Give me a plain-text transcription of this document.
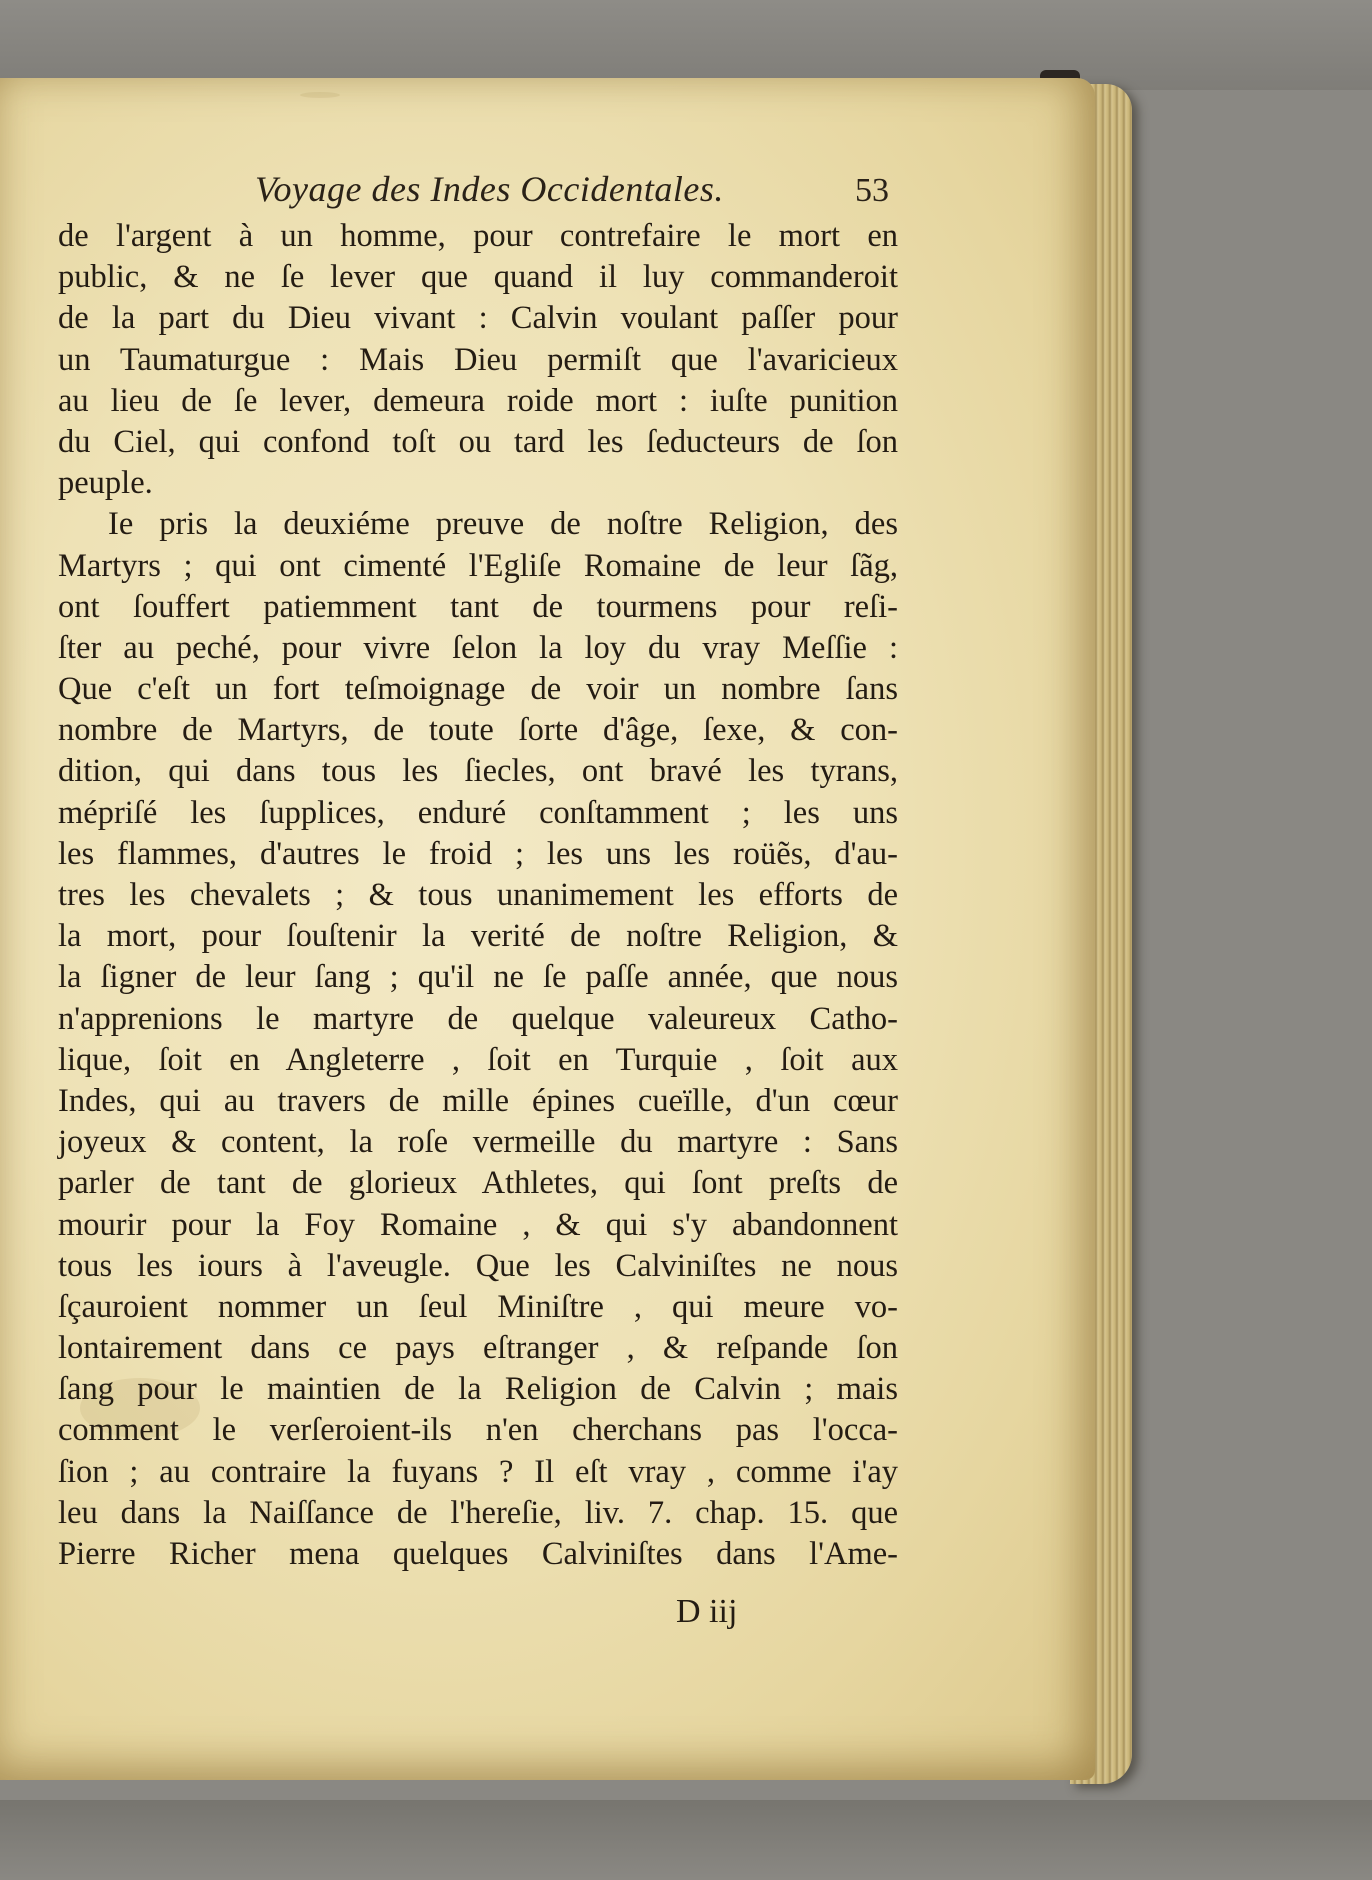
Voyage des Indes Occidentales.	53
de l'argent à un homme, pour contrefaire le mort en
public, & ne ſe lever que quand il luy commanderoit
de la part du Dieu vivant : Calvin voulant paſſer pour
un Taumaturgue : Mais Dieu permiſt que l'avaricieux
au lieu de ſe lever, demeura roide mort : iuſte punition
du Ciel, qui confond toſt ou tard les ſeducteurs de ſon
peuple.
Ie pris la deuxiéme preuve de noſtre Religion, des
Martyrs ; qui ont cimenté l'Egliſe Romaine de leur ſãg,
ont ſouffert patiemment tant de tourmens pour reſi-
ſter au peché, pour vivre ſelon la loy du vray Meſſie :
Que c'eſt un fort teſmoignage de voir un nombre ſans
nombre de Martyrs, de toute ſorte d'âge, ſexe, & con-
dition, qui dans tous les ſiecles, ont bravé les tyrans,
mépriſé les ſupplices, enduré conſtamment ; les uns
les flammes, d'autres le froid ; les uns les roüẽs, d'au-
tres les chevalets ; & tous unanimement les efforts de
la mort, pour ſouſtenir la verité de noſtre Religion, &
la ſigner de leur ſang ; qu'il ne ſe paſſe année, que nous
n'apprenions le martyre de quelque valeureux Catho-
lique, ſoit en Angleterre , ſoit en Turquie , ſoit aux
Indes, qui au travers de mille épines cueïlle, d'un cœur
joyeux & content, la roſe vermeille du martyre : Sans
parler de tant de glorieux Athletes, qui ſont preſts de
mourir pour la Foy Romaine , & qui s'y abandonnent
tous les iours à l'aveugle. Que les Calviniſtes ne nous
ſçauroient nommer un ſeul Miniſtre , qui meure vo-
lontairement dans ce pays eſtranger , & reſpande ſon
ſang pour le maintien de la Religion de Calvin ; mais
comment le verſeroient-ils n'en cherchans pas l'occa-
ſion ; au contraire la fuyans ? Il eſt vray , comme i'ay
leu dans la Naiſſance de l'hereſie, liv. 7. chap. 15. que
Pierre Richer mena quelques Calviniſtes dans l'Ame-
D iij
